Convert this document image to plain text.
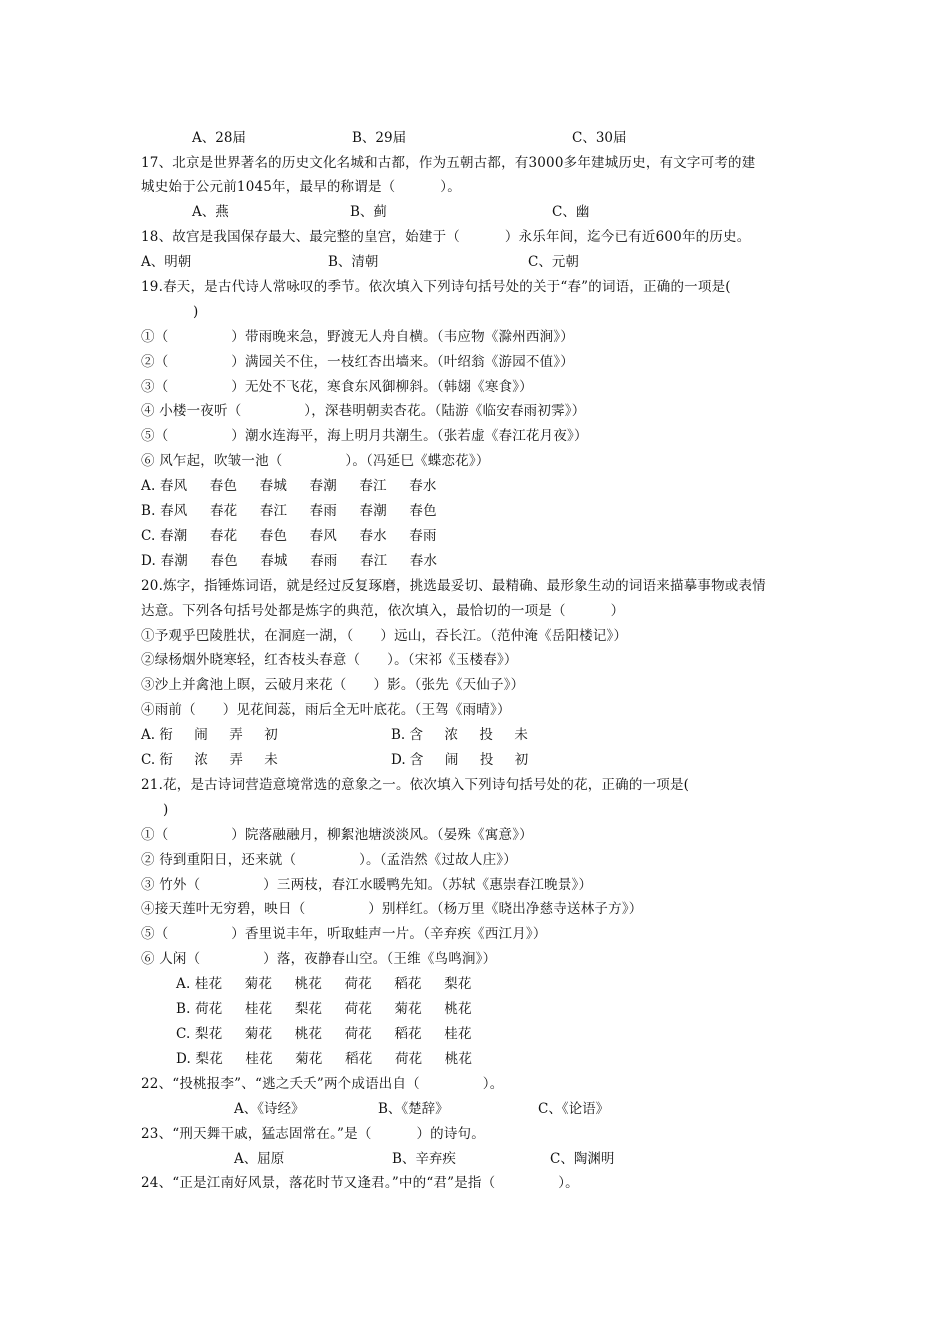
A、28届	B、29届	C、30届
17、北京是世界著名的历史文化名城和古都，作为五朝古都，有3000多年建城历史，有文字可考的建
城史始于公元前1045年，最早的称谓是（          ）。
A、燕	B、蓟	C、幽
18、故宫是我国保存最大、最完整的皇宫，始建于（          ）永乐年间，迄今已有近600年的历史。
A、明朝	B、清朝	C、元朝
19.春天，是古代诗人常咏叹的季节。依次填入下列诗句括号处的关于“春”的词语，正确的一项是(
)
①（              ）带雨晚来急，野渡无人舟自横。（韦应物《滁州西涧》）
②（              ）满园关不住，一枝红杏出墙来。（叶绍翁《游园不值》）
③（              ）无处不飞花，寒食东风御柳斜。（韩翃《寒食》）
④ 小楼一夜听（              ），深巷明朝卖杏花。（陆游《临安春雨初霁》）
⑤（              ）潮水连海平，海上明月共潮生。（张若虚《春江花月夜》）
⑥ 风乍起，吹皱一池（              ）。（冯延巳《蝶恋花》）
A. 春风     春色     春城     春潮     春江     春水
B. 春风     春花     春江     春雨     春潮     春色
C. 春潮     春花     春色     春风     春水     春雨
D. 春潮     春色     春城     春雨     春江     春水
20.炼字，指锤炼词语，就是经过反复琢磨，挑选最妥切、最精确、最形象生动的词语来描摹事物或表情
达意。下列各句括号处都是炼字的典范，依次填入，最恰切的一项是（          ）
①予观乎巴陵胜状，在洞庭一湖，（      ）远山，吞长江。（范仲淹《岳阳楼记》）
②绿杨烟外晓寒轻，红杏枝头春意（      ）。（宋祁《玉楼春》）
③沙上并禽池上暝，云破月来花（      ）影。（张先《天仙子》）
④雨前（      ）见花间蕊，雨后全无叶底花。（王驾《雨晴》）
A. 衔     闹     弄     初	B. 含     浓     投     未
C. 衔     浓     弄     未	D. 含     闹     投     初
21.花，是古诗词营造意境常选的意象之一。依次填入下列诗句括号处的花，正确的一项是(
)
①（              ）院落融融月，柳絮池塘淡淡风。（晏殊《寓意》）
② 待到重阳日，还来就（              ）。（孟浩然《过故人庄》）
③ 竹外（              ）三两枝，春江水暖鸭先知。（苏轼《惠崇春江晚景》）
④接天莲叶无穷碧，映日（              ）别样红。（杨万里《晓出净慈寺送林子方》）
⑤（              ）香里说丰年，听取蛙声一片。（辛弃疾《西江月》）
⑥ 人闲（              ）落，夜静春山空。（王维《鸟鸣涧》）
A. 桂花     菊花     桃花     荷花     稻花     梨花
B. 荷花     桂花     梨花     荷花     菊花     桃花
C. 梨花     菊花     桃花     荷花     稻花     桂花
D. 梨花     桂花     菊花     稻花     荷花     桃花
22、“投桃报李”、“逃之夭夭”两个成语出自（              ）。
A、《诗经》	B、《楚辞》	C、《论语》
23、“刑天舞干戚，猛志固常在。”是（          ）的诗句。
A、屈原	B、辛弃疾	C、陶渊明
24、“正是江南好风景，落花时节又逢君。”中的“君”是指（              ）。
